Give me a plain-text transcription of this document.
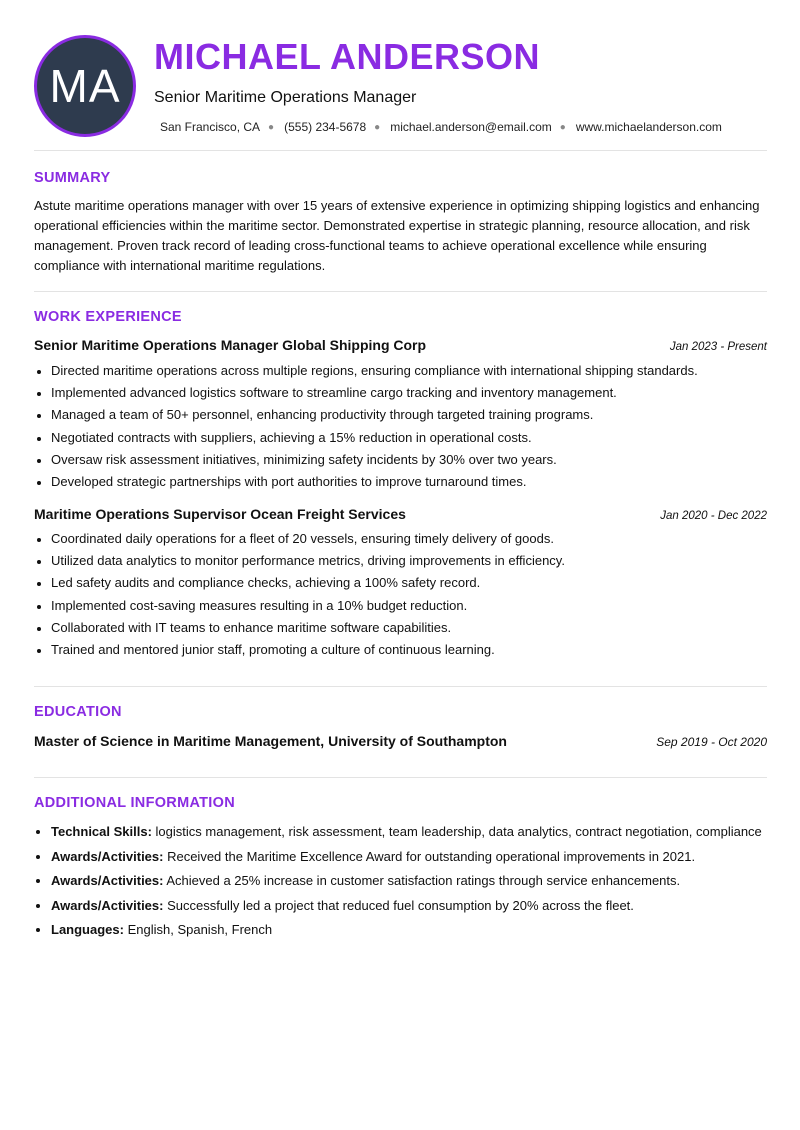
MA
MICHAEL ANDERSON
Senior Maritime Operations Manager
San Francisco, CA ● (555) 234-5678 ● michael.anderson@email.com ● www.michaelanderson.com
SUMMARY
Astute maritime operations manager with over 15 years of extensive experience in optimizing shipping logistics and enhancing operational efficiencies within the maritime sector. Demonstrated expertise in strategic planning, resource allocation, and risk management. Proven track record of leading cross-functional teams to achieve operational excellence while ensuring compliance with international maritime regulations.
WORK EXPERIENCE
Senior Maritime Operations Manager Global Shipping Corp	Jan 2023 - Present
• Directed maritime operations across multiple regions, ensuring compliance with international shipping standards.
• Implemented advanced logistics software to streamline cargo tracking and inventory management.
• Managed a team of 50+ personnel, enhancing productivity through targeted training programs.
• Negotiated contracts with suppliers, achieving a 15% reduction in operational costs.
• Oversaw risk assessment initiatives, minimizing safety incidents by 30% over two years.
• Developed strategic partnerships with port authorities to improve turnaround times.
Maritime Operations Supervisor Ocean Freight Services	Jan 2020 - Dec 2022
• Coordinated daily operations for a fleet of 20 vessels, ensuring timely delivery of goods.
• Utilized data analytics to monitor performance metrics, driving improvements in efficiency.
• Led safety audits and compliance checks, achieving a 100% safety record.
• Implemented cost-saving measures resulting in a 10% budget reduction.
• Collaborated with IT teams to enhance maritime software capabilities.
• Trained and mentored junior staff, promoting a culture of continuous learning.
EDUCATION
Master of Science in Maritime Management, University of Southampton	Sep 2019 - Oct 2020
ADDITIONAL INFORMATION
• Technical Skills: logistics management, risk assessment, team leadership, data analytics, contract negotiation, compliance
• Awards/Activities: Received the Maritime Excellence Award for outstanding operational improvements in 2021.
• Awards/Activities: Achieved a 25% increase in customer satisfaction ratings through service enhancements.
• Awards/Activities: Successfully led a project that reduced fuel consumption by 20% across the fleet.
• Languages: English, Spanish, French
